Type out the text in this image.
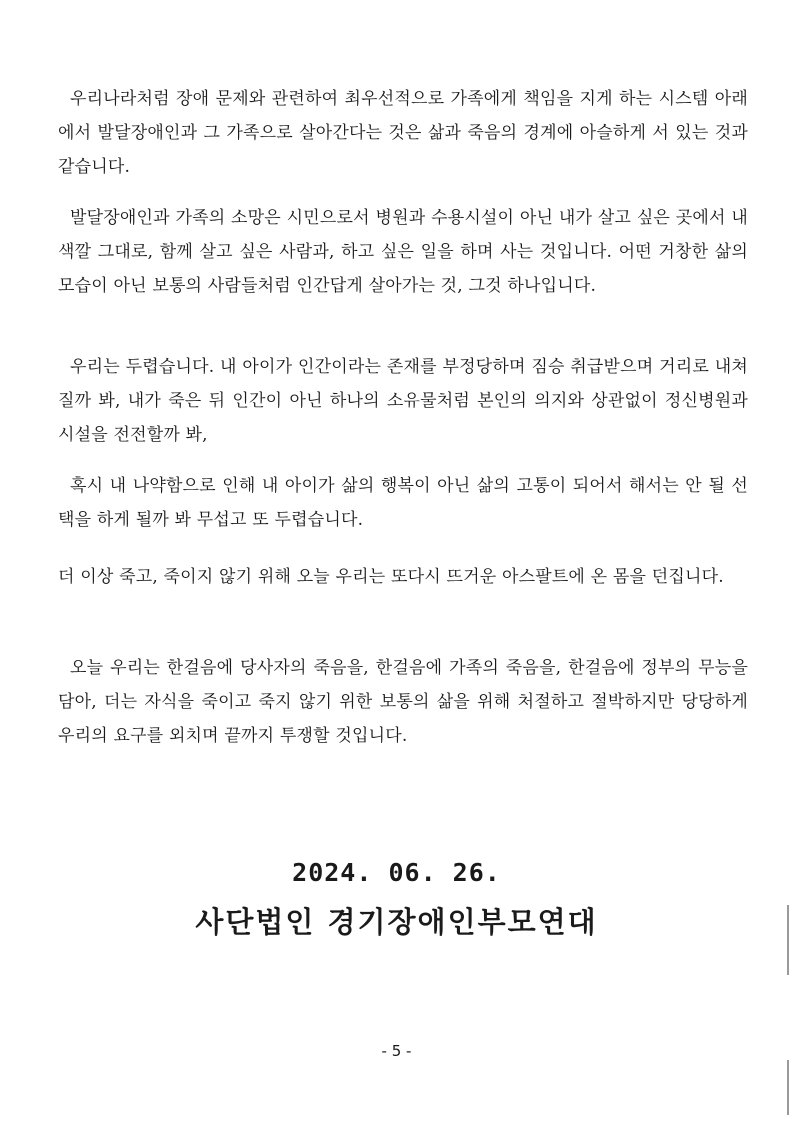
우리나라처럼 장애 문제와 관련하여 최우선적으로 가족에게 책임을 지게 하는 시스템 아래에서 발달장애인과 그 가족으로 살아간다는 것은 삶과 죽음의 경계에 아슬하게 서 있는 것과 같습니다.

발달장애인과 가족의 소망은 시민으로서 병원과 수용시설이 아닌 내가 살고 싶은 곳에서 내 색깔 그대로, 함께 살고 싶은 사람과, 하고 싶은 일을 하며 사는 것입니다. 어떤 거창한 삶의 모습이 아닌 보통의 사람들처럼 인간답게 살아가는 것, 그것 하나입니다.

우리는 두렵습니다. 내 아이가 인간이라는 존재를 부정당하며 짐승 취급받으며 거리로 내쳐질까 봐, 내가 죽은 뒤 인간이 아닌 하나의 소유물처럼 본인의 의지와 상관없이 정신병원과 시설을 전전할까 봐,

혹시 내 나약함으로 인해 내 아이가 삶의 행복이 아닌 삶의 고통이 되어서 해서는 안 될 선택을 하게 될까 봐 무섭고 또 두렵습니다.

더 이상 죽고, 죽이지 않기 위해 오늘 우리는 또다시 뜨거운 아스팔트에 온 몸을 던집니다.

오늘 우리는 한걸음에 당사자의 죽음을, 한걸음에 가족의 죽음을, 한걸음에 정부의 무능을 담아, 더는 자식을 죽이고 죽지 않기 위한 보통의 삶을 위해 처절하고 절박하지만 당당하게 우리의 요구를 외치며 끝까지 투쟁할 것입니다.

2024. 06. 26.
사단법인 경기장애인부모연대
- 5 -
